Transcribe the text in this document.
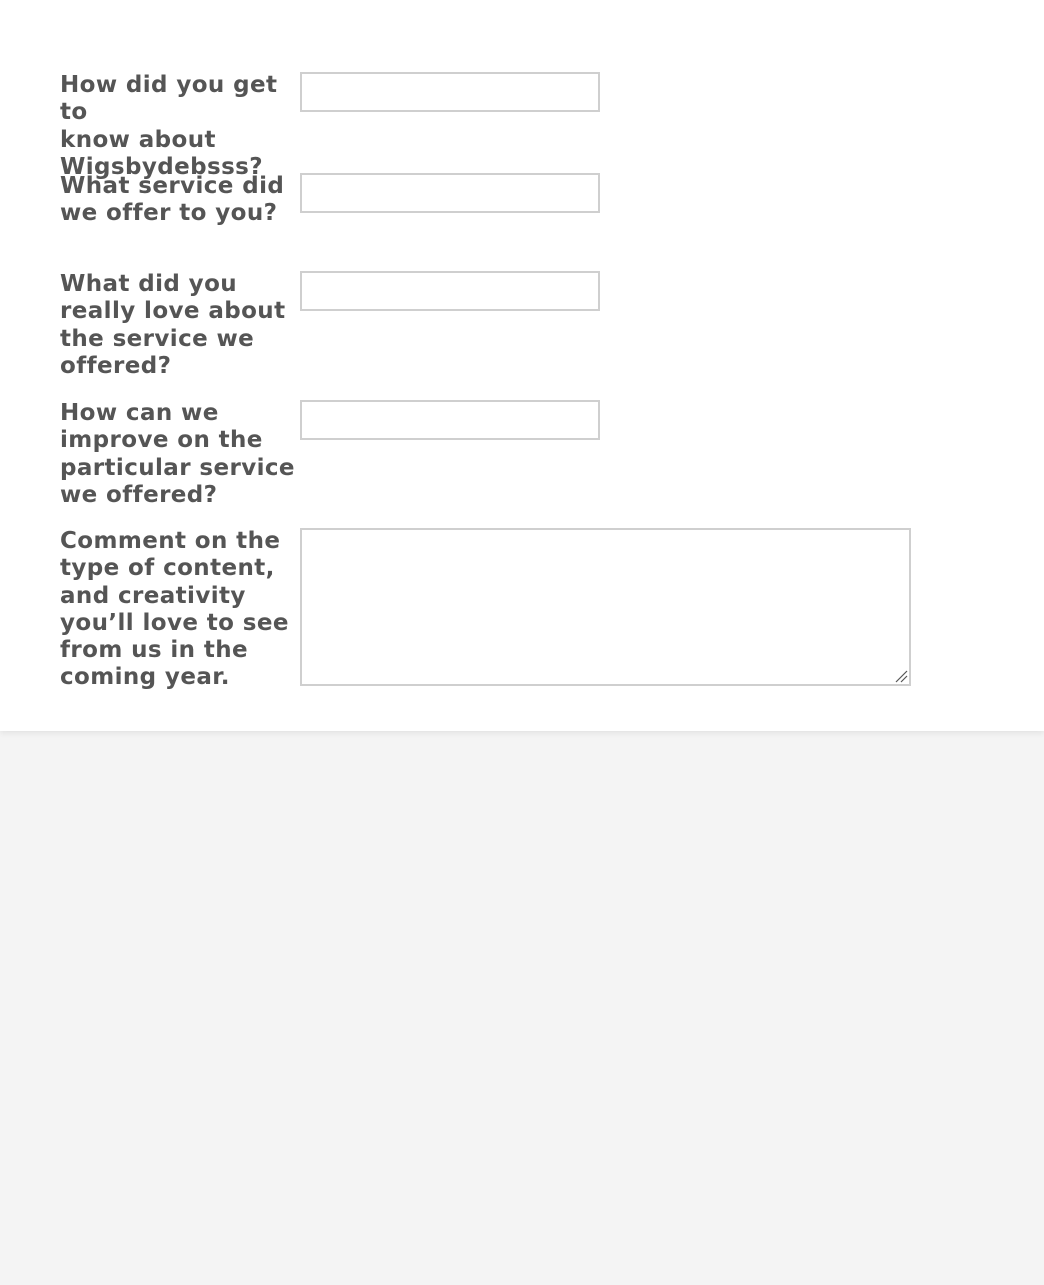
How did you get to
know about
Wigsbydebsss?
What service did
we offer to you?
What did you
really love about
the service we
offered?
How can we
improve on the
particular service
we offered?
Comment on the
type of content,
and creativity
you’ll love to see
from us in the
coming year.
